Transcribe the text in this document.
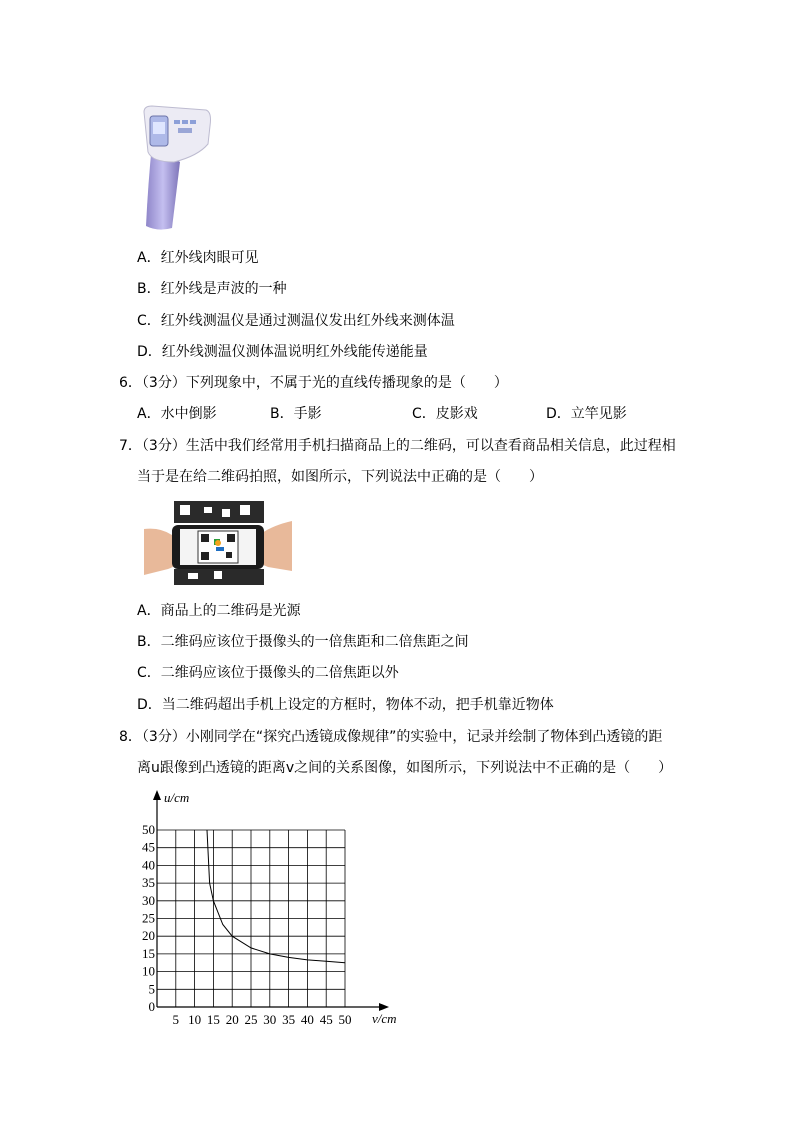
A．红外线肉眼可见
B．红外线是声波的一种
C．红外线测温仪是通过测温仪发出红外线来测体温
D．红外线测温仪测体温说明红外线能传递能量
6．（3分）下列现象中，不属于光的直线传播现象的是（　　）
A．水中倒影	B．手影	C．皮影戏	D．立竿见影
7．（3分）生活中我们经常用手机扫描商品上的二维码，可以查看商品相关信息，此过程相
当于是在给二维码拍照，如图所示，下列说法中正确的是（　　）
A．商品上的二维码是光源
B．二维码应该位于摄像头的一倍焦距和二倍焦距之间
C．二维码应该位于摄像头的二倍焦距以外
D．当二维码超出手机上设定的方框时，物体不动，把手机靠近物体
8．（3分）小刚同学在“探究凸透镜成像规律”的实验中，记录并绘制了物体到凸透镜的距
离u跟像到凸透镜的距离v之间的关系图像，如图所示，下列说法中不正确的是（　　）
5 10 15 20 25 30 35 40 45 50
0
5
10
15
20
25
30
35
40
45
50
u/cm
v/cm
